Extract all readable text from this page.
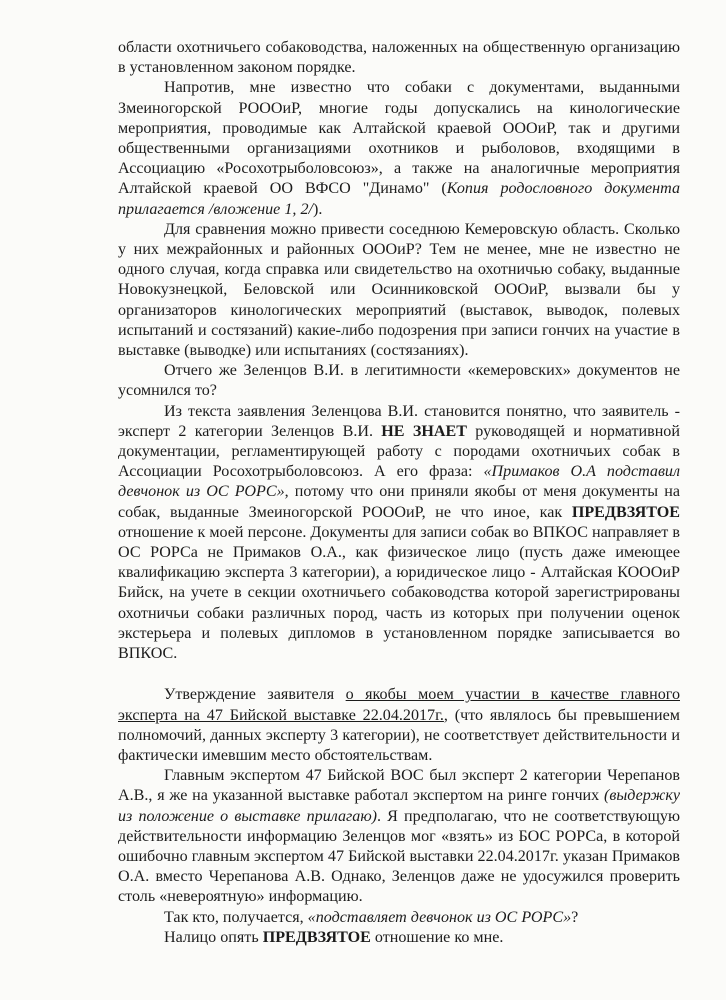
области охотничьего собаководства, наложенных на общественную организацию в установленном законом порядке.

Напротив, мне известно что собаки с документами, выданными Змеиногорской РОООиР, многие годы допускались на кинологические мероприятия, проводимые как Алтайской краевой ОООиР, так и другими общественными организациями охотников и рыболовов, входящими в Ассоциацию «Росохотрыболовсоюз», а также на аналогичные мероприятия Алтайской краевой ОО ВФСО "Динамо" (Копия родословного документа прилагается /вложение 1, 2/).

Для сравнения можно привести соседнюю Кемеровскую область. Сколько у них межрайонных и районных ОООиР? Тем не менее, мне не известно не одного случая, когда справка или свидетельство на охотничью собаку, выданные Новокузнецкой, Беловской или Осинниковской ОООиР, вызвали бы у организаторов кинологических мероприятий (выставок, выводок, полевых испытаний и состязаний) какие-либо подозрения при записи гончих на участие в выставке (выводке) или испытаниях (состязаниях).

Отчего же Зеленцов В.И. в легитимности «кемеровских» документов не усомнился то?

Из текста заявления Зеленцова В.И. становится понятно, что заявитель - эксперт 2 категории Зеленцов В.И. НЕ ЗНАЕТ руководящей и нормативной документации, регламентирующей работу с породами охотничьих собак в Ассоциации Росохотрыболовсоюз. А его фраза: «Примаков О.А подставил девчонок из ОС РОРС», потому что они приняли якобы от меня документы на собак, выданные Змеиногорской РОООиР, не что иное, как ПРЕДВЗЯТОЕ отношение к моей персоне. Документы для записи собак во ВПКОС направляет в ОС РОРСа не Примаков О.А., как физическое лицо (пусть даже имеющее квалификацию эксперта 3 категории), а юридическое лицо - Алтайская КОООиР Бийск, на учете в секции охотничьего собаководства которой зарегистрированы охотничьи собаки различных пород, часть из которых при получении оценок экстерьера и полевых дипломов в установленном порядке записывается во ВПКОС.

Утверждение заявителя о якобы моем участии в качестве главного эксперта на 47 Бийской выставке 22.04.2017г., (что являлось бы превышением полномочий, данных эксперту 3 категории), не соответствует действительности и фактически имевшим место обстоятельствам.

Главным экспертом 47 Бийской ВОС был эксперт 2 категории Черепанов А.В., я же на указанной выставке работал экспертом на ринге гончих (выдержку из положение о выставке прилагаю). Я предполагаю, что не соответствующую действительности информацию Зеленцов мог «взять» из БОС РОРСа, в которой ошибочно главным экспертом 47 Бийской выставки 22.04.2017г. указан Примаков О.А. вместо Черепанова А.В. Однако, Зеленцов даже не удосужился проверить столь «невероятную» информацию.

Так кто, получается, «подставляет девчонок из ОС РОРС»?

Налицо опять ПРЕДВЗЯТОЕ отношение ко мне.
